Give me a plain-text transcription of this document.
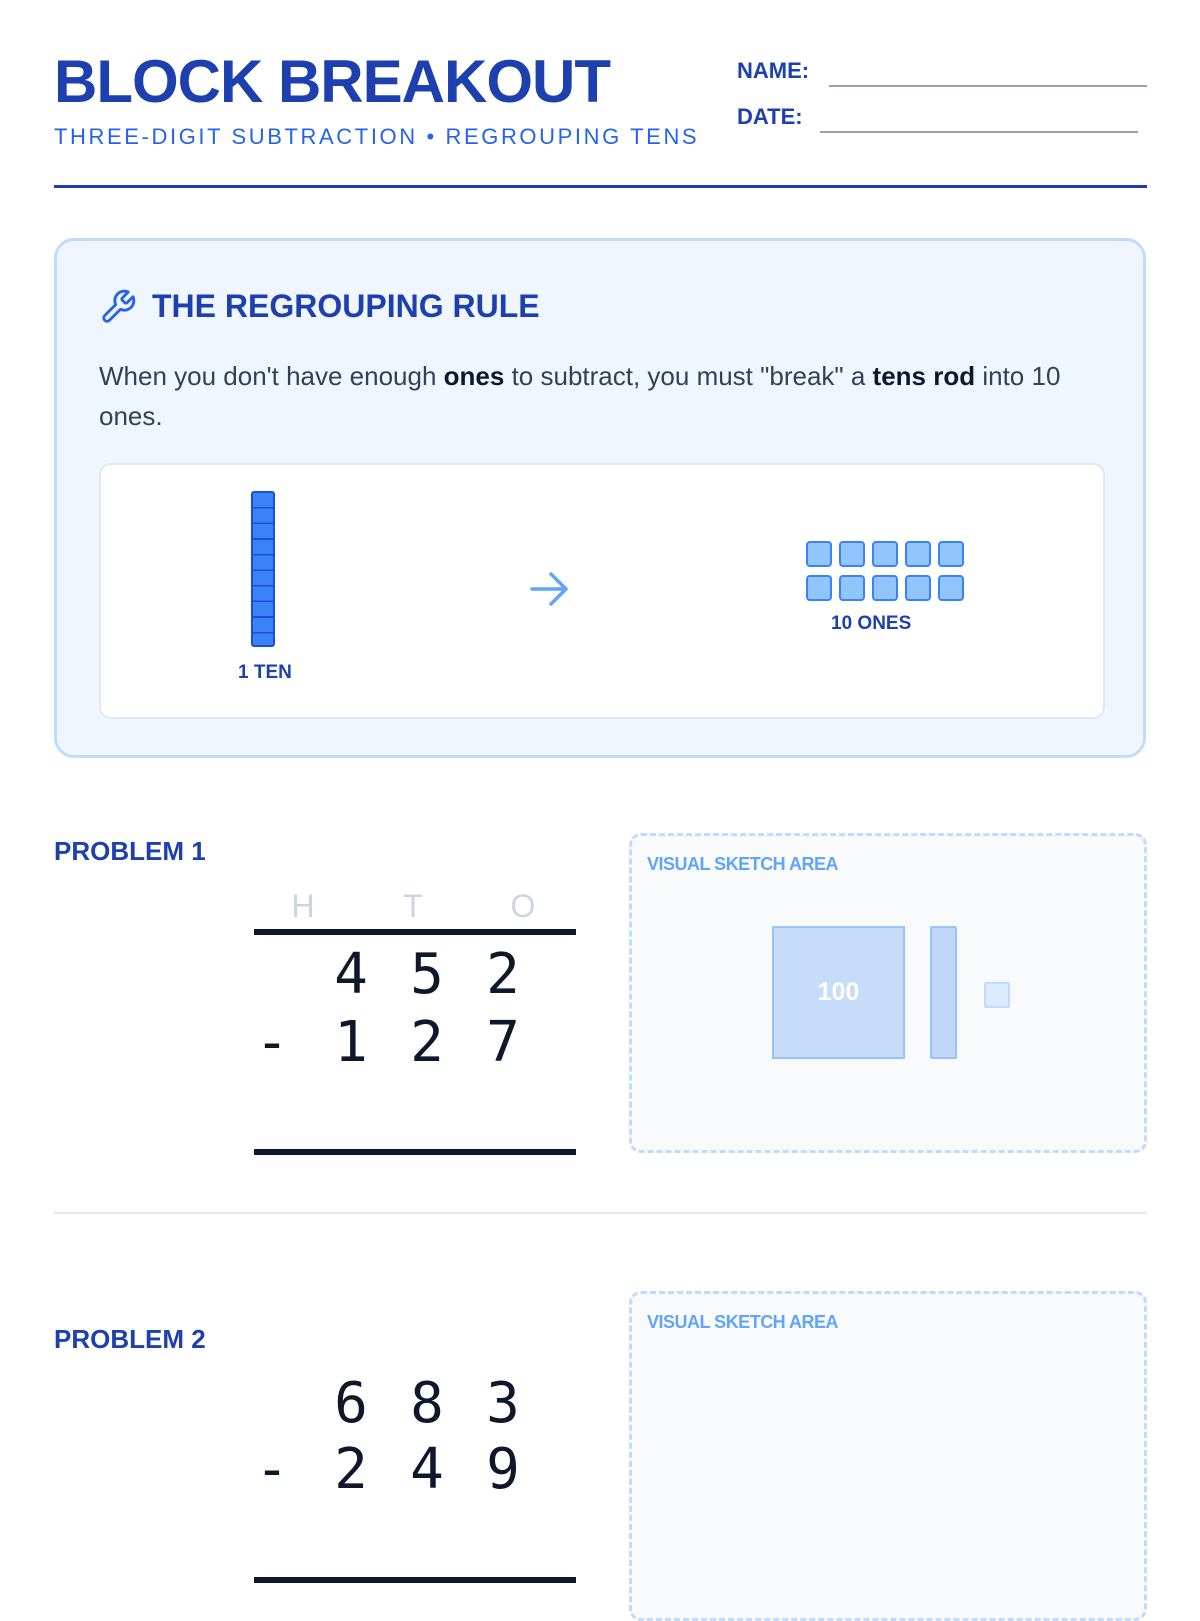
BLOCK BREAKOUT
THREE-DIGIT SUBTRACTION • REGROUPING TENS
NAME:
DATE:
THE REGROUPING RULE
When you don't have enough ones to subtract, you must "break" a tens rod into 10 ones.
1 TEN
10 ONES
PROBLEM 1
H	T	O
4 5 2
- 1 2 7
VISUAL SKETCH AREA
100
PROBLEM 2
6 8 3
- 2 4 9
VISUAL SKETCH AREA
